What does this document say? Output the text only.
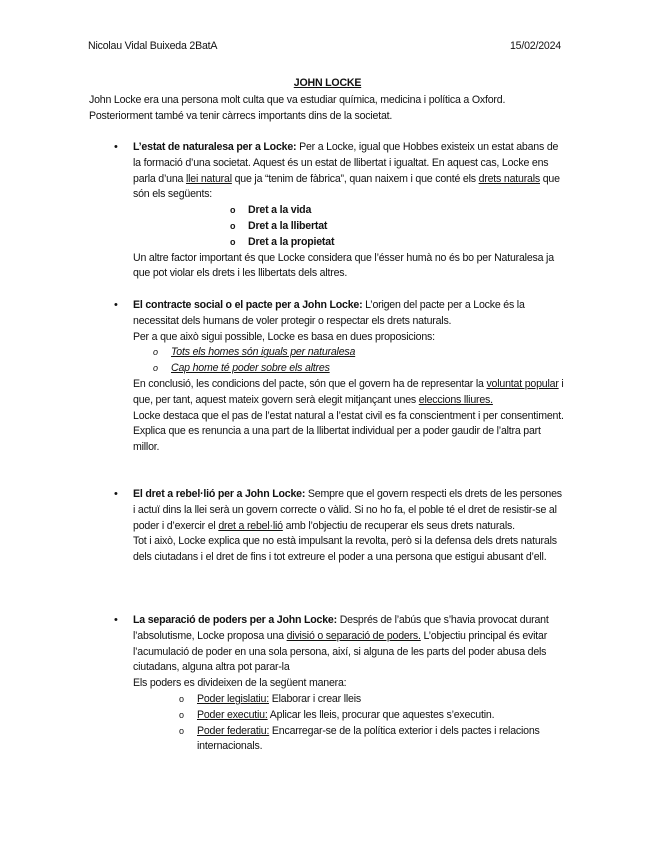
Nicolau Vidal Buixeda 2BatA	15/02/2024
JOHN LOCKE

John Locke era una persona molt culta que va estudiar química, medicina i política a Oxford. Posteriorment també va tenir càrrecs importants dins de la societat.

• L’estat de naturalesa per a Locke: Per a Locke, igual que Hobbes existeix un estat abans de la formació d’una societat. Aquest és un estat de llibertat i igualtat. En aquest cas, Locke ens parla d’una llei natural que ja “tenim de fàbrica”, quan naixem i que conté els drets naturals que són els següents:

o Dret a la vida
o Dret a la llibertat
o Dret a la propietat

Un altre factor important és que Locke considera que l’ésser humà no és bo per Naturalesa ja que pot violar els drets i les llibertats dels altres.

• El contracte social o el pacte per a John Locke: L’origen del pacte per a Locke és la necessitat dels humans de voler protegir o respectar els drets naturals.

Per a que això sigui possible, Locke es basa en dues proposicions:

o Tots els homes són iguals per naturalesa
o Cap home té poder sobre els altres

En conclusió, les condicions del pacte, són que el govern ha de representar la voluntat popular i que, per tant, aquest mateix govern serà elegit mitjançant unes eleccions lliures.

Locke destaca que el pas de l’estat natural a l’estat civil es fa conscientment i per consentiment. Explica que es renuncia a una part de la llibertat individual per a poder gaudir de l’altra part millor.

• El dret a rebel·lió per a John Locke: Sempre que el govern respecti els drets de les persones i actuï dins la llei serà un govern correcte o vàlid. Si no ho fa, el poble té el dret de resistir-se al poder i d’exercir el dret a rebel·lió amb l’objectiu de recuperar els seus drets naturals.

Tot i això, Locke explica que no està impulsant la revolta, però si la defensa dels drets naturals dels ciutadans i el dret de fins i tot extreure el poder a una persona que estigui abusant d’ell.

• La separació de poders per a John Locke: Després de l’abús que s’havia provocat durant l’absolutisme, Locke proposa una divisió o separació de poders. L’objectiu principal és evitar l’acumulació de poder en una sola persona, així, si alguna de les parts del poder abusa dels ciutadans, alguna altra pot parar-la

Els poders es divideixen de la següent manera:

o Poder legislatiu: Elaborar i crear lleis
o Poder executiu: Aplicar les lleis, procurar que aquestes s’executin.
o Poder federatiu: Encarregar-se de la política exterior i dels pactes i relacions internacionals.
